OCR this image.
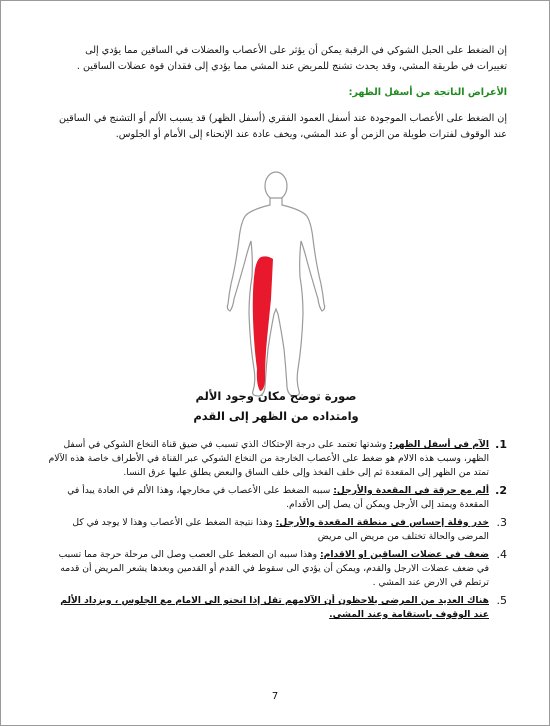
إن الضغط على الحبل الشوكي في الرقبة يمكن أن يؤثر على الأعصاب والعضلات في الساقين مما يؤدي إلى تغييرات في طريقة المشي، وقد يحدث تشنج للمريض عند المشي مما يؤدي إلى فقدان قوة عضلات الساقين .

الأعراض الناتجة من أسفل الظهر:

إن الضغط على الأعصاب الموجودة عند أسفل العمود الفقري (أسفل الظهر) قد يسبب الألم أو التشنج في الساقين عند الوقوف لفترات طويلة من الزمن أو عند المشي، ويخف عادة عند الإنحناء إلى الأمام أو الجلوس.

صورة توضح مكان وجود الألم
وامتداده من الظهر إلى القدم
1.
الآم في أسفل الظهر: وشدتها تعتمد على درجة الإحتكاك الذي تسبب في ضيق قناة النخاع الشوكي في أسفل الظهر، وسبب هذه الالام هو ضغط على الأعصاب الخارجة من النخاع الشوكي عبر القناة في الأطراف خاصة هذه الآلام تمتد من الظهر إلى المقعدة ثم إلى خلف الفخذ وإلى خلف الساق والبعض يطلق عليها عرق النسا.
2.
ألم مع حرقة في المقعدة والأرجل: سببه الضغط على الأعصاب في مخارجها، وهذا الألم في العادة يبدأ في المقعدة ويمتد إلى الأرجل ويمكن أن يصل إلى الأقدام.
3.
خدر وقلة إحساس في منطقة المقعدة والأرجل: وهذا نتيجة الضغط على الأعصاب وهذا لا يوجد في كل المرضى والحالة تختلف من مريض الى مريض
4.
ضعف في عضلات الساقين او الاقدام: وهذا سببه ان الضغط على العصب وصل الى مرحلة حرجة مما تسبب في ضعف عضلات الارجل والقدم، ويمكن أن يؤدي الى سقوط في القدم أو القدمين وبعدها يشعر المريض أن قدمه ترتطم في الارض عند المشي .
5.
هناك العديد من المرضى يلاحظون أن الآلامهم تقل إذا انحنو الى الامام مع الجلوس ، ويزداد الألم عند الوقوف باستقامة وعند المشي.
7
